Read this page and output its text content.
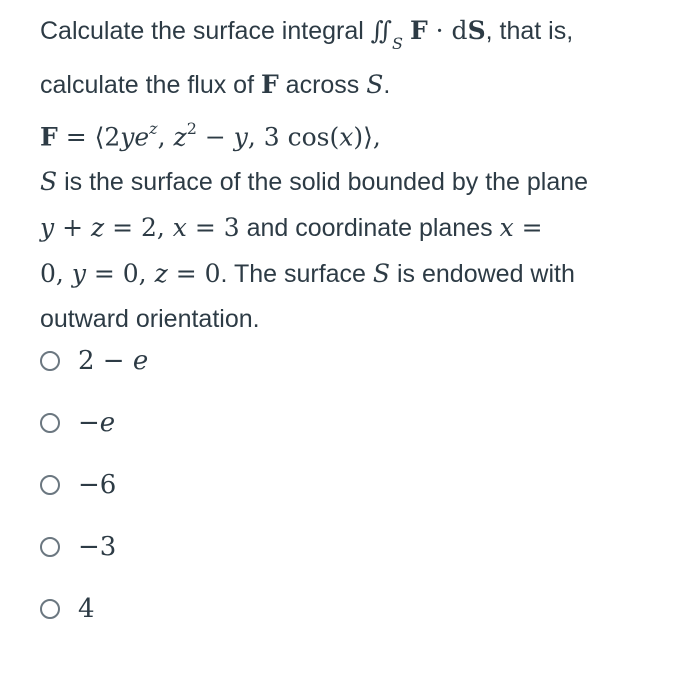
Calculate the surface integral $∬_S$ F · dS, that is,
calculate the flux of F across S.
$F = ⟨2ye^z$, $z^2 - y$, 3 cos(x)⟩,
S is the surface of the solid bounded by the plane
y + z = 2, x = 3 and coordinate planes x =
0, y = 0, z = 0. The surface S is endowed with
outward orientation.
2 − e
−e
−6
−3
4
